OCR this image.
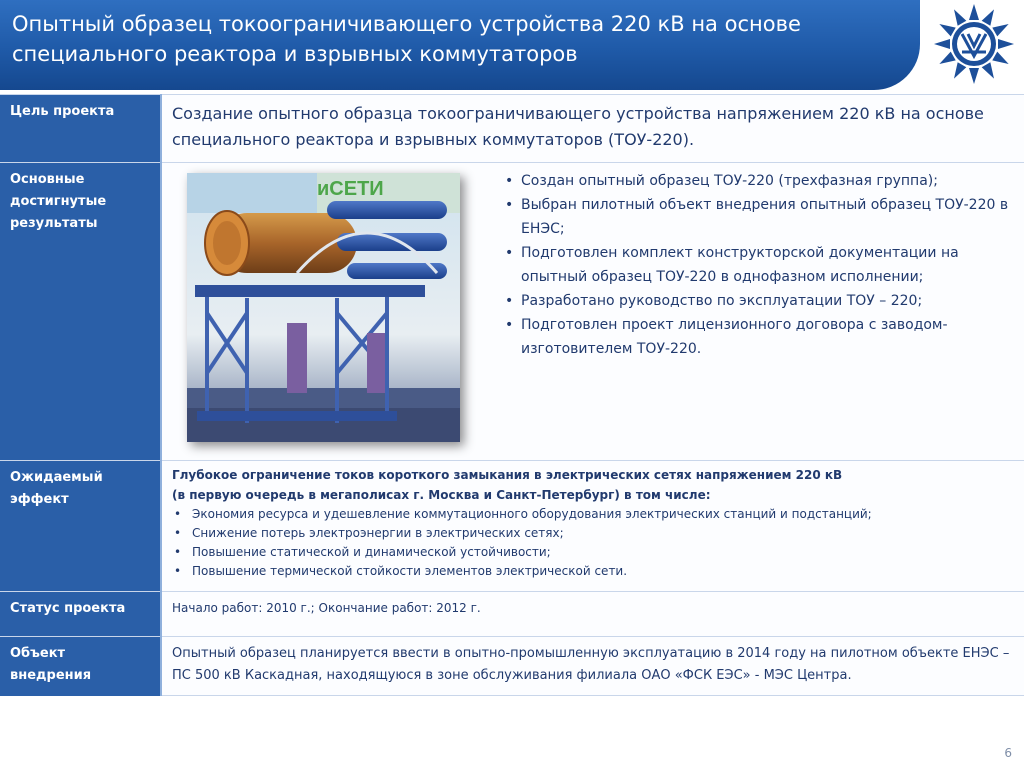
Опытный образец токоограничивающего устройства 220 кВ на основе специального реактора и взрывных коммутаторов
Цель проекта	Создание опытного образца токоограничивающего устройства напряжением 220 кВ на основе специального реактора и взрывных коммутаторов (ТОУ-220).
Основные достигнутые результаты
иСЕТИ
•	Создан опытный образец ТОУ-220 (трехфазная группа);
• Выбран пилотный объект внедрения опытный образец ТОУ-220 в ЕНЭС;
• Подготовлен комплект конструкторской документации на опытный образец ТОУ-220 в однофазном исполнении;
• Разработано руководство по эксплуатации ТОУ – 220;
• Подготовлен проект лицензионного договора с заводом-изготовителем ТОУ-220.
Ожидаемый эффект
Глубокое ограничение токов короткого замыкания в электрических сетях напряжением 220 кВ
(в первую очередь в мегаполисах г. Москва и Санкт-Петербург) в том числе:
• Экономия ресурса и удешевление коммутационного оборудования электрических станций и подстанций;
• Снижение потерь электроэнергии в электрических сетях;
• Повышение статической и динамической устойчивости;
• Повышение термической стойкости элементов электрической сети.
Статус проекта	Начало работ: 2010 г.; Окончание работ: 2012 г.
Объект внедрения
Опытный образец планируется ввести в опытно-промышленную эксплуатацию в 2014 году на пилотном объекте ЕНЭС – ПС 500 кВ Каскадная, находящуюся в зоне обслуживания филиала ОАО «ФСК ЕЭС» - МЭС Центра.
6
